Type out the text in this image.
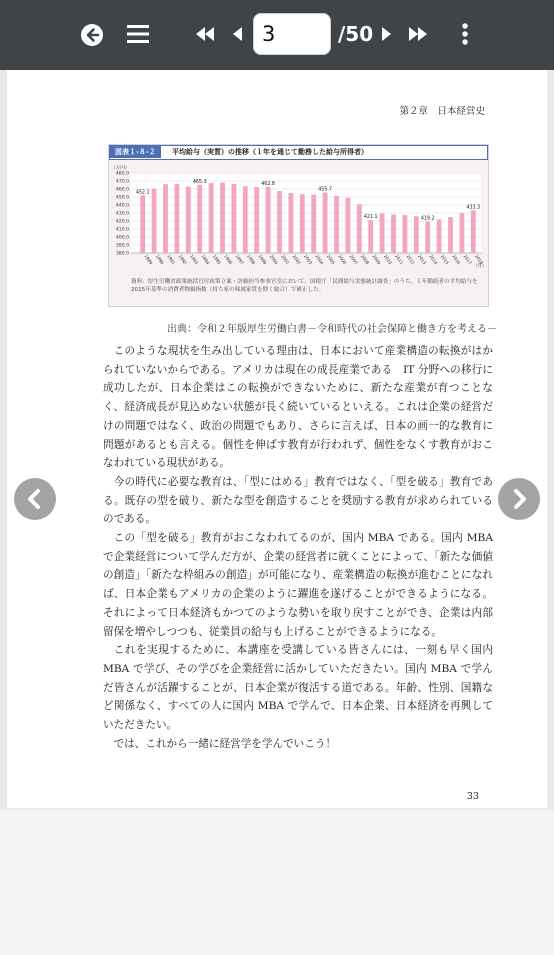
3
/50
第２章　日本経営史
図表１-８-２	平均給与（実質）の推移（１年を通じて勤務した給与所得者）
480.0
470.0
460.0
450.0
440.0
430.0
420.0
410.0
400.0
390.0
380.0
（万円）
1989 1990 1991 1992 1993 1994 1995 1996 1997 1998 1999 2000 2001 2002 2003 2004 2005 2006 2007 2008 2009 2010 2011 2012 2013 2014 2015 2016 2017 2018
452.1
465.3	462.8
455.7
421.1	419.2
433.3
（年）
資料：厚生労働省政策統括官付政策立案・評価担当参事官室において、国税庁「民間給与実態統計調査」のうち、１年勤続者の平均給与を2015年基準の消費者物価指数（持ち家の帰属家賃を除く総合）で補正した。
出典：令和２年版厚生労働白書－令和時代の社会保障と働き方を考える－

このような現状を生み出している理由は、日本において産業構造の転換がはかられていないからである。アメリカは現在の成長産業である　IT 分野への移行に成功したが、日本企業はこの転換ができないために、新たな産業が育つことなく、経済成長が見込めない状態が長く続いているといえる。これは企業の経営だけの問題ではなく、政治の問題でもあり、さらに言えば、日本の画一的な教育に問題があるとも言える。個性を伸ばす教育が行われず、個性をなくす教育がおこなわれている現状がある。

今の時代に必要な教育は、「型にはめる」教育ではなく、「型を破る」教育である。既存の型を破り、新たな型を創造することを奨励する教育が求められているのである。

この「型を破る」教育がおこなわれてるのが、国内 MBA である。国内 MBA で企業経営について学んだ方が、企業の経営者に就くことによって、「新たな価値の創造」「新たな枠組みの創造」が可能になり、産業構造の転換が進むことになれば、日本企業もアメリカの企業のように躍進を遂げることができるようになる。それによって日本経済もかつてのような勢いを取り戻すことができ、企業は内部留保を増やしつつも、従業員の給与も上げることができるようになる。

これを実現するために、本講座を受講している皆さんには、一刻も早く国内 MBA で学び、その学びを企業経営に活かしていただきたい。国内 MBA で学んだ皆さんが活躍することが、日本企業が復活する道である。年齢、性別、国籍など関係なく、すべての人に国内 MBA で学んで、日本企業、日本経済を再興していただきたい。

では、これから一緒に経営学を学んでいこう！

33
